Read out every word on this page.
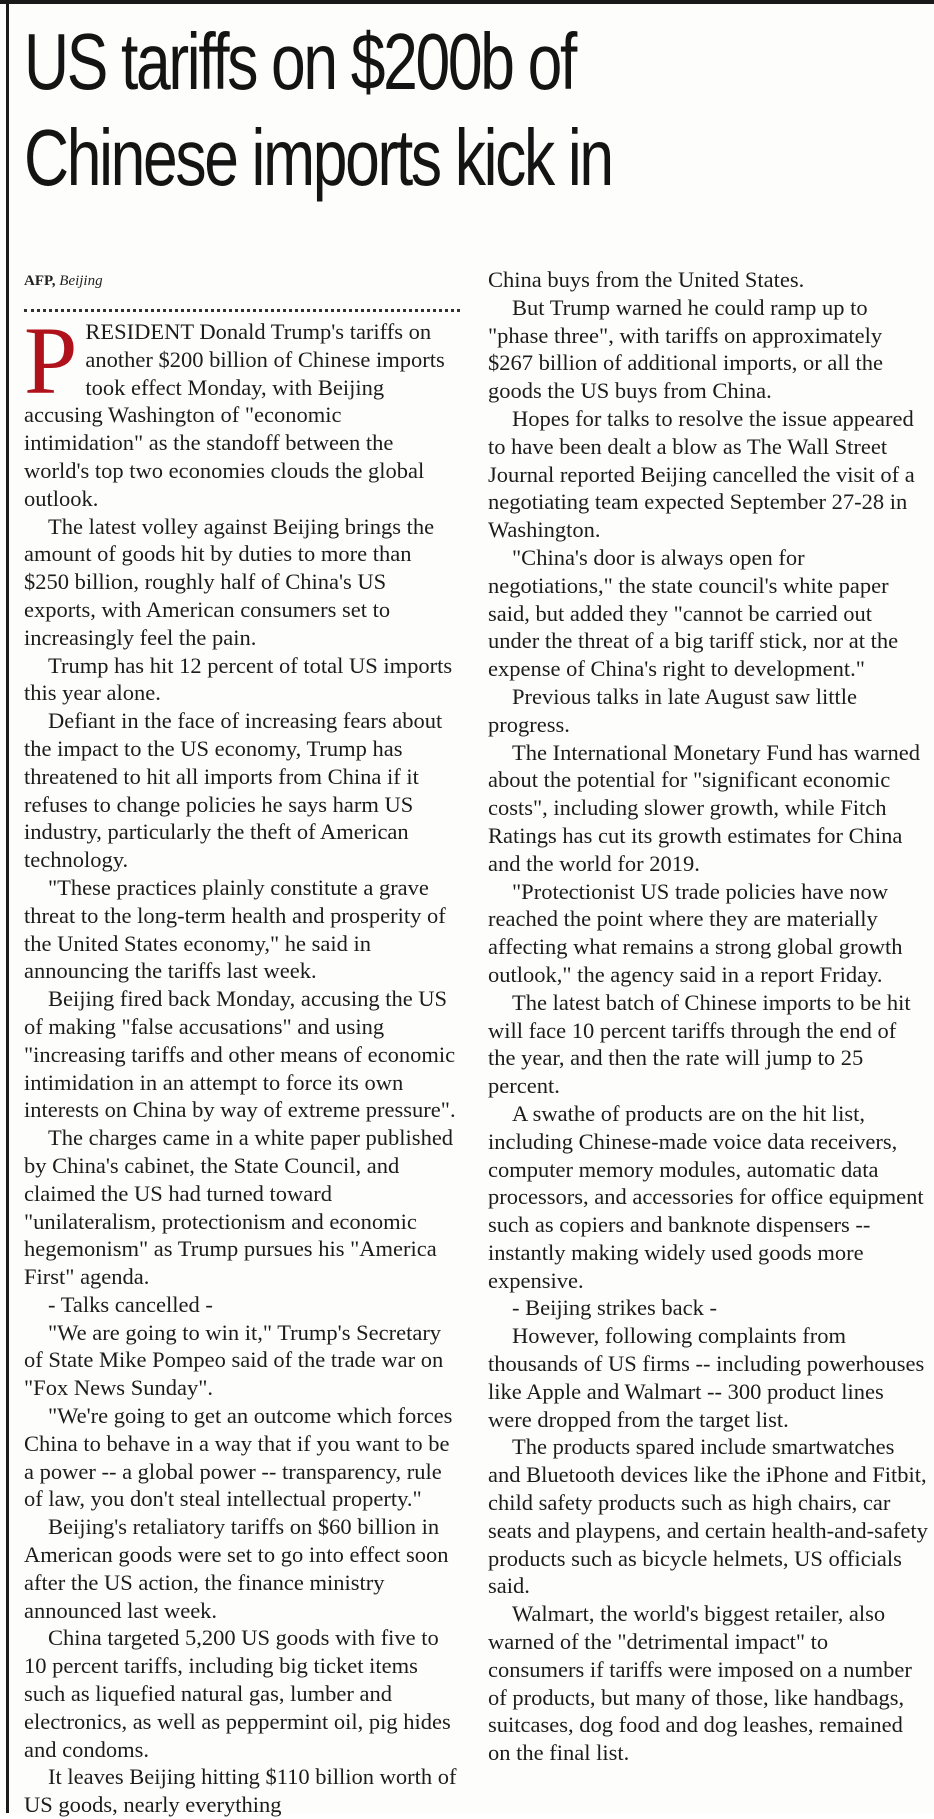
US tariffs on $200b of
Chinese imports kick in
AFP, Beijing

PRESIDENT Donald Trump's tariffs on another $200 billion of Chinese imports took effect Monday, with Beijing accusing Washington of "economic intimidation" as the standoff between the world's top two economies clouds the global outlook.

The latest volley against Beijing brings the amount of goods hit by duties to more than $250 billion, roughly half of China's US exports, with American consumers set to increasingly feel the pain.

Trump has hit 12 percent of total US imports this year alone.

Defiant in the face of increasing fears about the impact to the US economy, Trump has threatened to hit all imports from China if it refuses to change policies he says harm US industry, particularly the theft of American technology.

"These practices plainly constitute a grave threat to the long-term health and prosperity of the United States economy," he said in announcing the tariffs last week.

Beijing fired back Monday, accusing the US of making "false accusations" and using "increasing tariffs and other means of economic intimidation in an attempt to force its own interests on China by way of extreme pressure".

The charges came in a white paper published by China's cabinet, the State Council, and claimed the US had turned toward "unilateralism, protectionism and economic hegemonism" as Trump pursues his "America First" agenda.

- Talks cancelled -

"We are going to win it," Trump's Secretary of State Mike Pompeo said of the trade war on "Fox News Sunday".

"We're going to get an outcome which forces China to behave in a way that if you want to be a power -- a global power -- transparency, rule of law, you don't steal intellectual property."

Beijing's retaliatory tariffs on $60 billion in American goods were set to go into effect soon after the US action, the finance ministry announced last week.

China targeted 5,200 US goods with five to 10 percent tariffs, including big ticket items such as liquefied natural gas, lumber and electronics, as well as peppermint oil, pig hides and condoms.

It leaves Beijing hitting $110 billion worth of US goods, nearly everything

China buys from the United States.

But Trump warned he could ramp up to "phase three", with tariffs on approximately $267 billion of additional imports, or all the goods the US buys from China.

Hopes for talks to resolve the issue appeared to have been dealt a blow as The Wall Street Journal reported Beijing cancelled the visit of a negotiating team expected September 27-28 in Washington.

"China's door is always open for negotiations," the state council's white paper said, but added they "cannot be carried out under the threat of a big tariff stick, nor at the expense of China's right to development."

Previous talks in late August saw little progress.

The International Monetary Fund has warned about the potential for "significant economic costs", including slower growth, while Fitch Ratings has cut its growth estimates for China and the world for 2019.

"Protectionist US trade policies have now reached the point where they are materially affecting what remains a strong global growth outlook," the agency said in a report Friday.

The latest batch of Chinese imports to be hit will face 10 percent tariffs through the end of the year, and then the rate will jump to 25 percent.

A swathe of products are on the hit list, including Chinese-made voice data receivers, computer memory modules, automatic data processors, and accessories for office equipment such as copiers and banknote dispensers -- instantly making widely used goods more expensive.

- Beijing strikes back -

However, following complaints from thousands of US firms -- including powerhouses like Apple and Walmart -- 300 product lines were dropped from the target list.

The products spared include smartwatches and Bluetooth devices like the iPhone and Fitbit, child safety products such as high chairs, car seats and playpens, and certain health-and-safety products such as bicycle helmets, US officials said.

Walmart, the world's biggest retailer, also warned of the "detrimental impact" to consumers if tariffs were imposed on a number of products, but many of those, like handbags, suitcases, dog food and dog leashes, remained on the final list.
